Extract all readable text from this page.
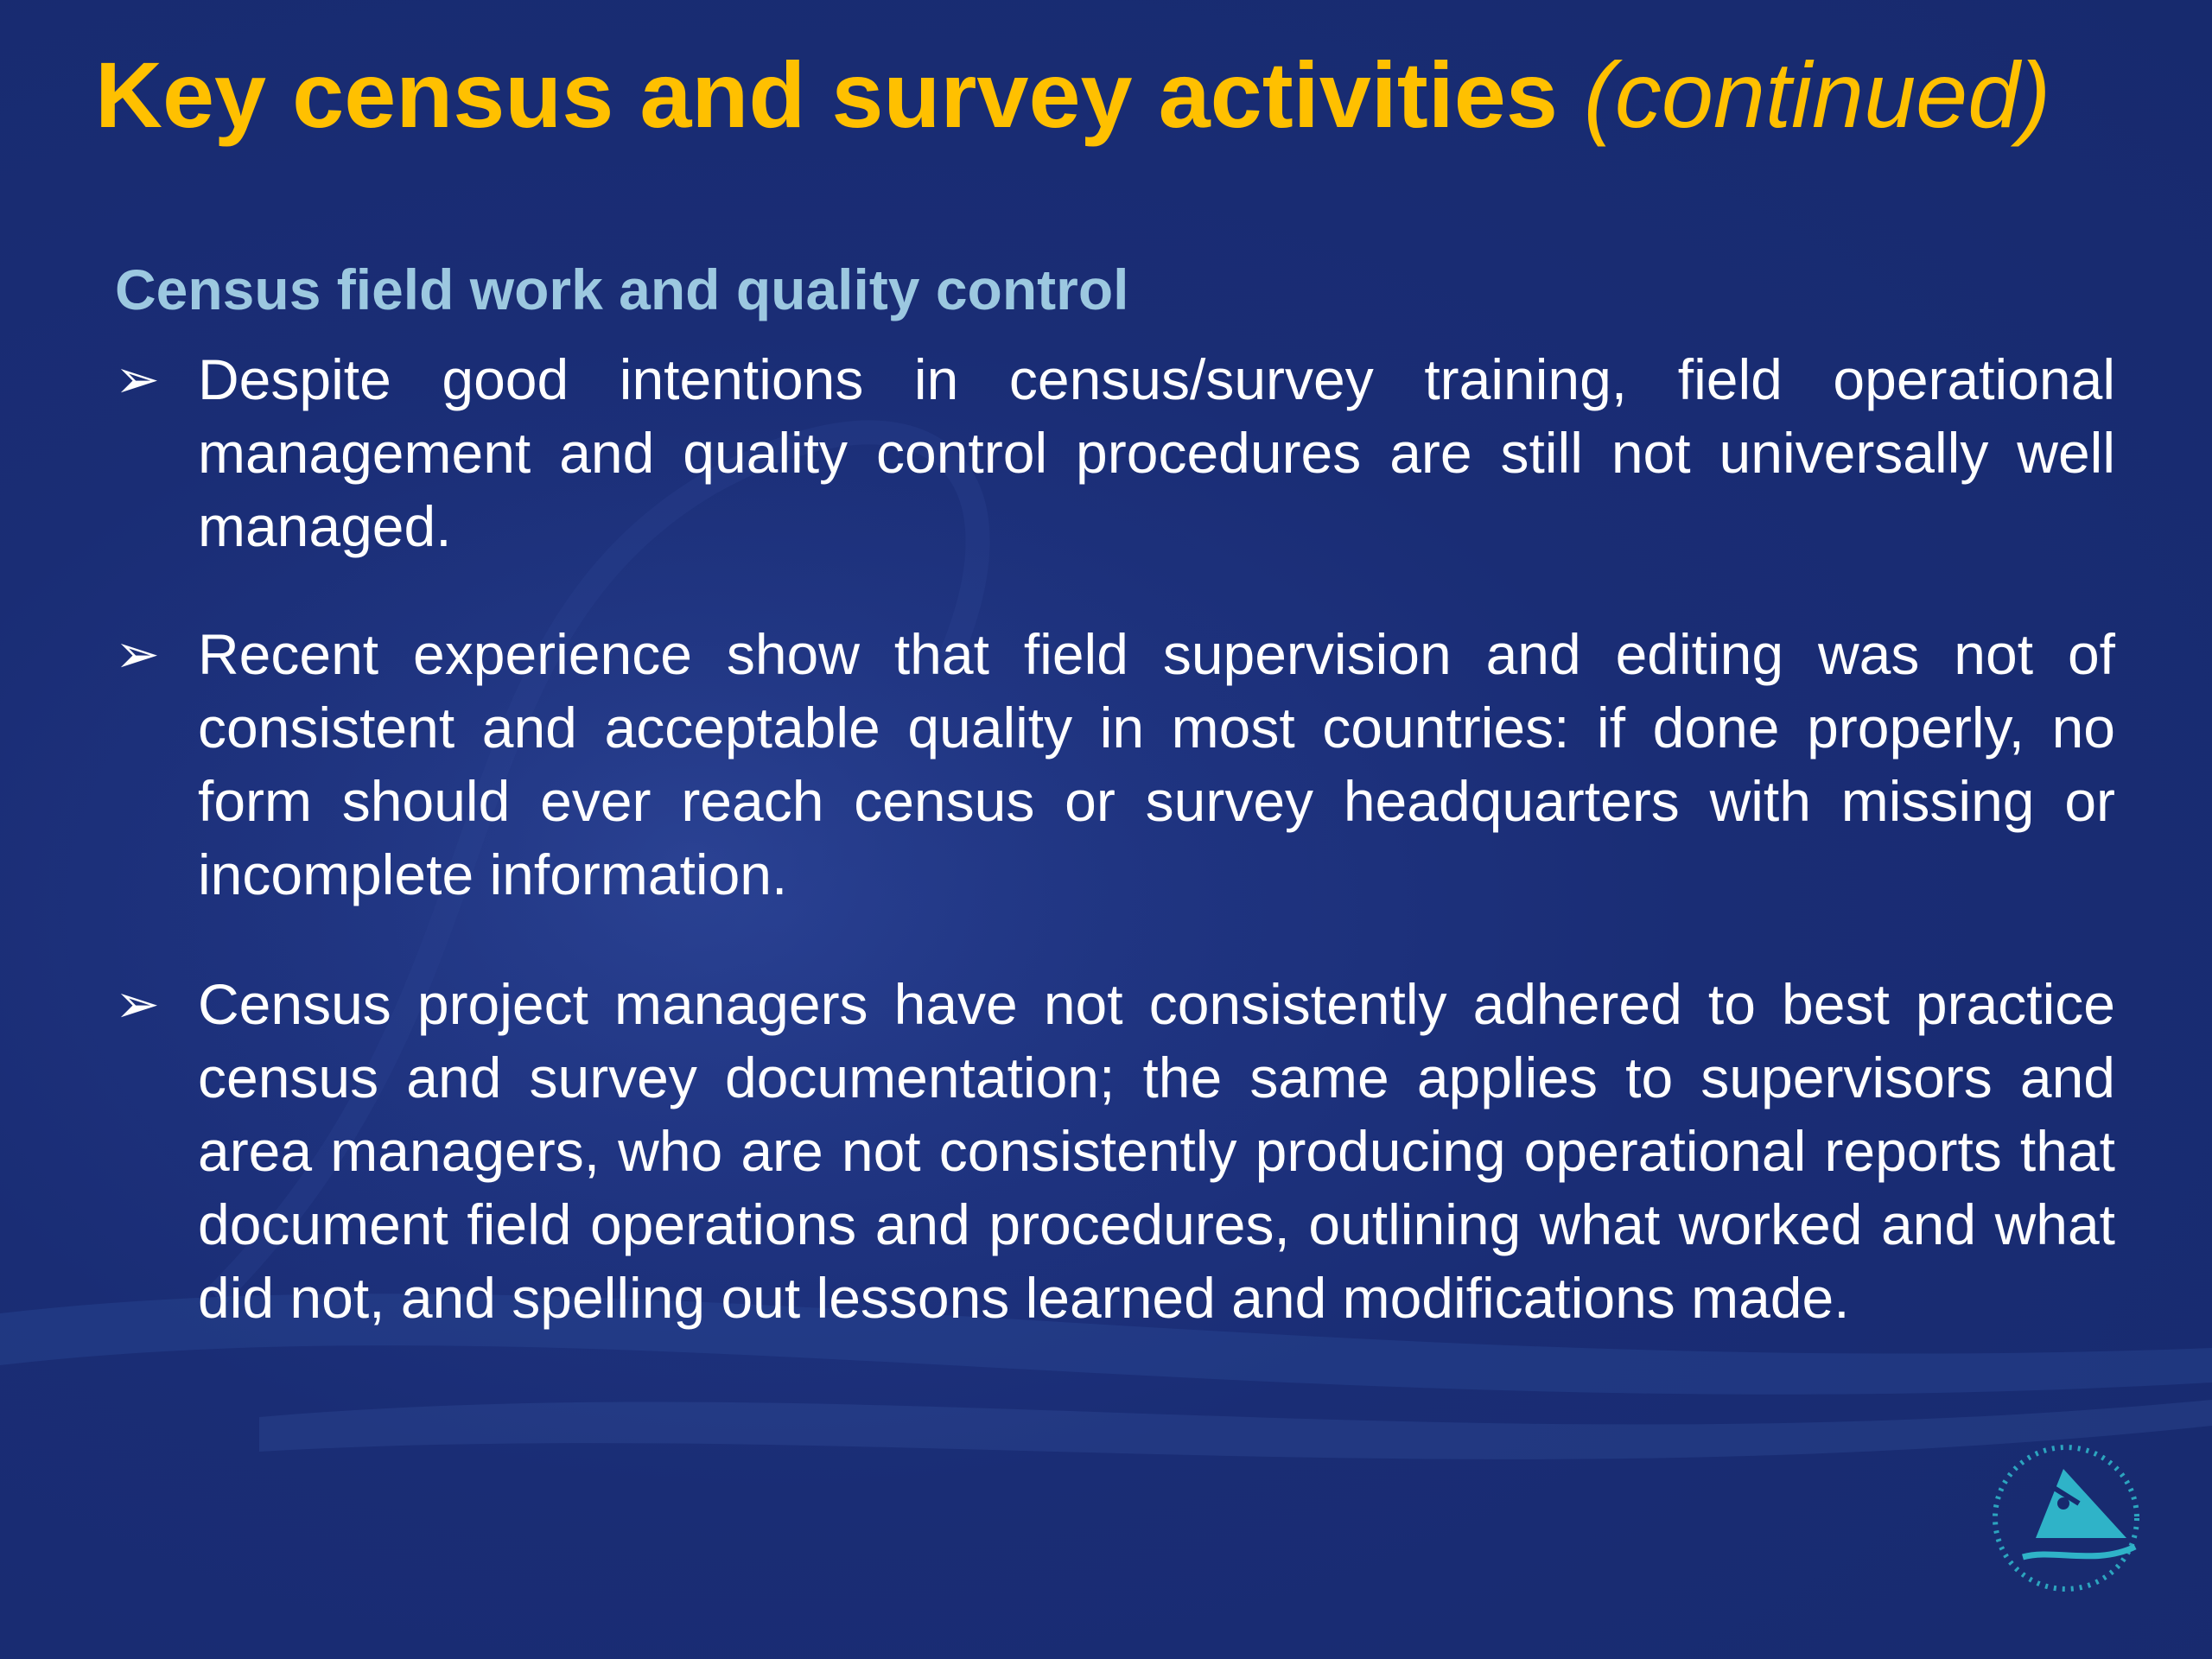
Key census and survey activities (continued)
Census field work and quality control
➢ Despite good intentions in census/survey training, field operational management and quality control procedures are still not universally well managed.
➢ Recent experience show that field supervision and editing was not of consistent and acceptable quality in most countries: if done properly, no form should ever reach census or survey headquarters with missing or incomplete information.
➢ Census project managers have not consistently adhered to best practice census and survey documentation; the same applies to supervisors and area managers, who are not consistently producing operational reports that document field operations and procedures, outlining what worked and what did not, and spelling out lessons learned and modifications made.
